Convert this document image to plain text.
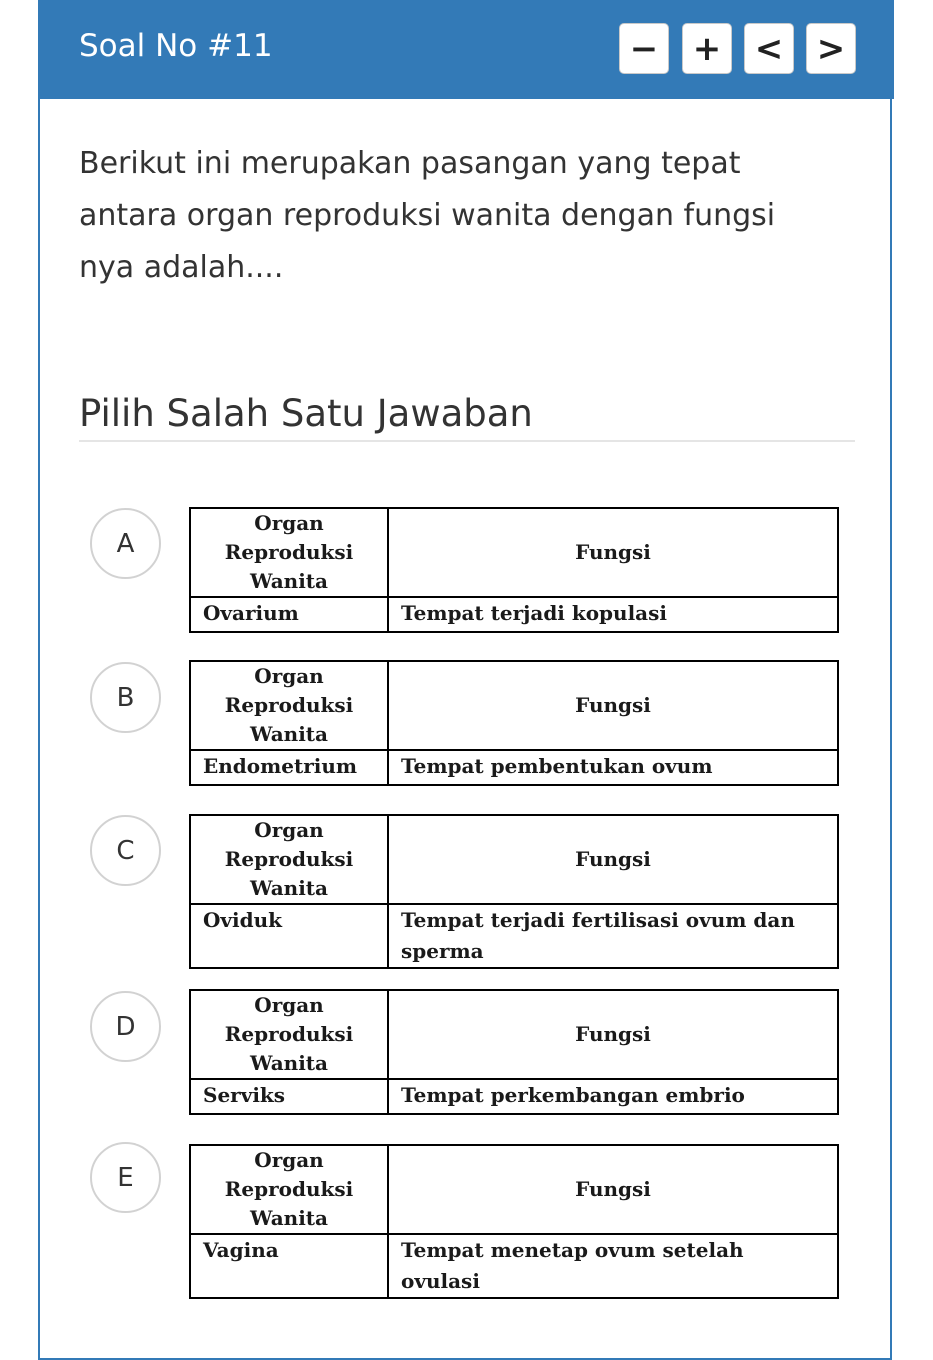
Soal No #11	− + < >
Berikut ini merupakan pasangan yang tepat
antara organ reproduksi wanita dengan fungsi
nya adalah....
Pilih Salah Satu Jawaban
A
Organ
Reproduksi
Wanita	Fungsi
Ovarium	Tempat terjadi kopulasi
B
Organ
Reproduksi
Wanita	Fungsi
Endometrium	Tempat pembentukan ovum
C
Organ
Reproduksi
Wanita	Fungsi
Oviduk	Tempat terjadi fertilisasi ovum dan
sperma
D
Organ
Reproduksi
Wanita	Fungsi
Serviks	Tempat perkembangan embrio
E
Organ
Reproduksi
Wanita	Fungsi
Vagina	Tempat menetap ovum setelah ovulasi
